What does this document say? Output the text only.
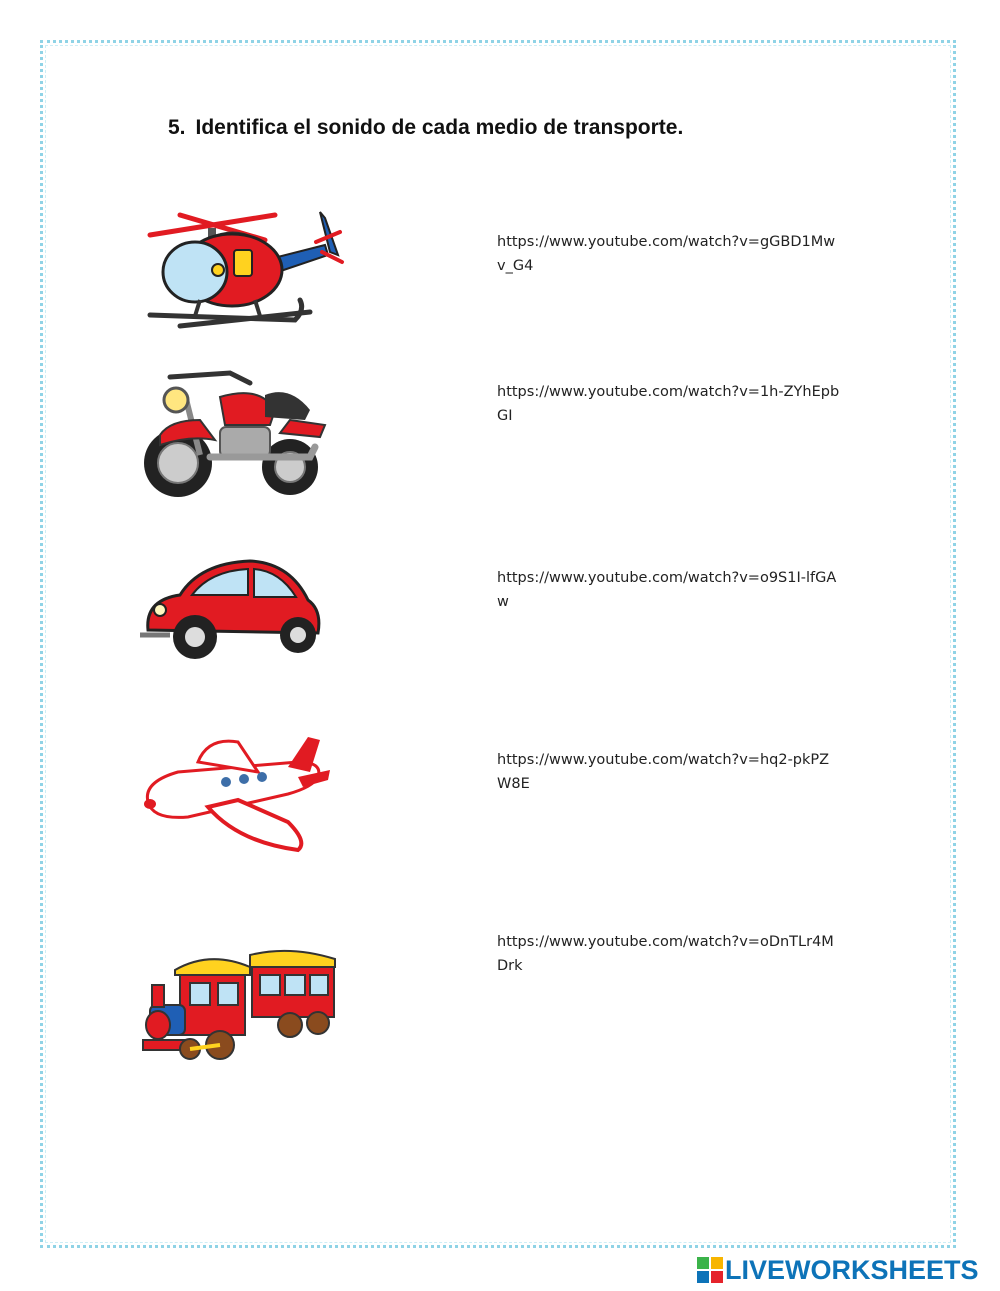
5. Identifica el sonido de cada medio de transporte.
https://www.youtube.com/watch?v=gGBD1Mwv_G4
https://www.youtube.com/watch?v=1h-ZYhEpbGI
https://www.youtube.com/watch?v=o9S1I-lfGAw
https://www.youtube.com/watch?v=hq2-pkPZW8E
https://www.youtube.com/watch?v=oDnTLr4MDrk
LIVEWORKSHEETS
